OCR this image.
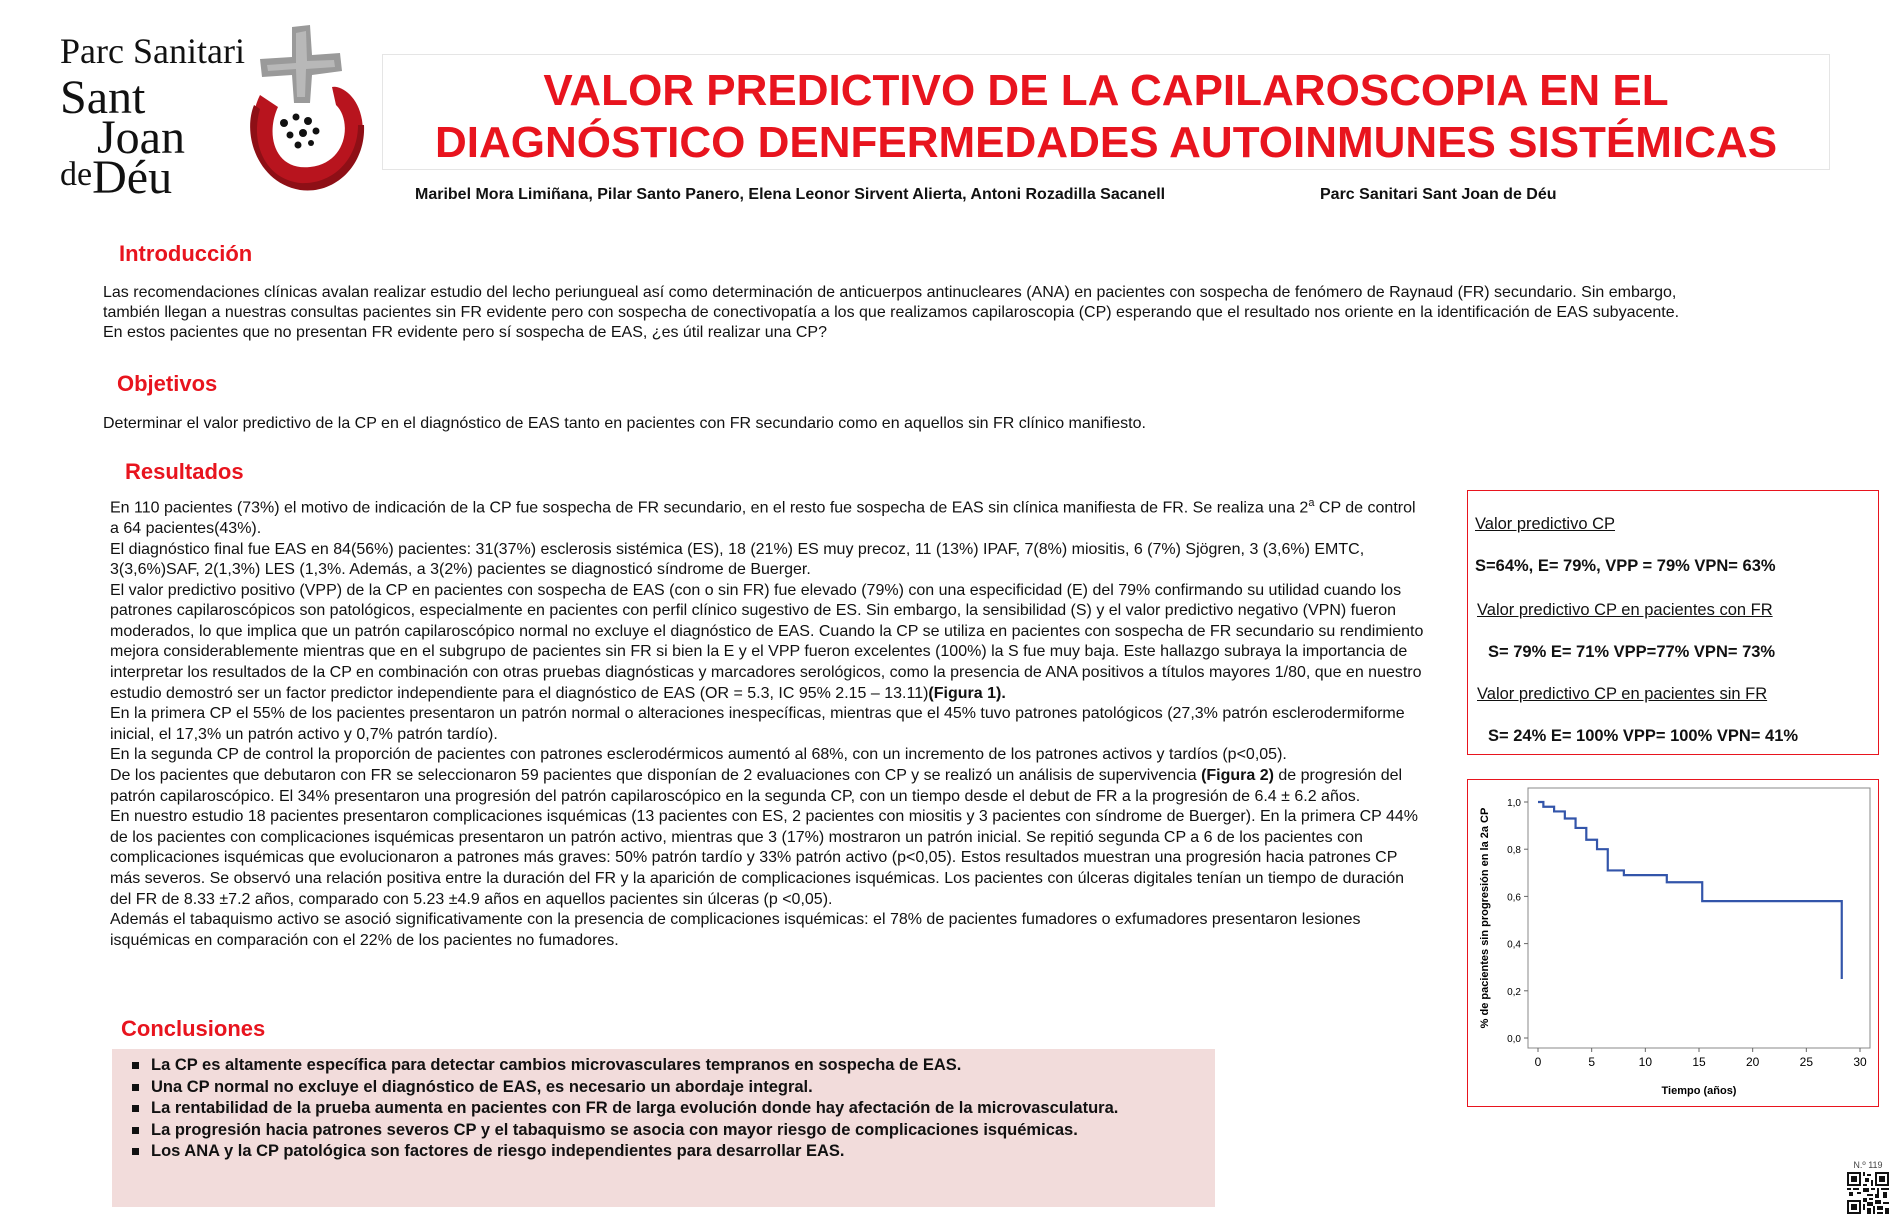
Parc Sanitari
Sant
Joan
$^{de}$Déu
VALOR PREDICTIVO DE LA CAPILAROSCOPIA EN EL
DIAGNÓSTICO DENFERMEDADES AUTOINMUNES SISTÉMICAS
Maribel Mora Limiñana, Pilar Santo Panero, Elena Leonor Sirvent Alierta, Antoni Rozadilla Sacanell	Parc Sanitari Sant Joan de Déu
Introducción

Las recomendaciones clínicas avalan realizar estudio del lecho periungueal así como determinación de anticuerpos antinucleares (ANA) en pacientes con sospecha de fenómero de Raynaud (FR) secundario. Sin embargo,

también llegan a nuestras consultas pacientes sin FR evidente pero con sospecha de conectivopatía a los que realizamos capilaroscopia (CP) esperando que el resultado nos oriente en la identificación de EAS subyacente.

En estos pacientes que no presentan FR evidente pero sí sospecha de EAS, ¿es útil realizar una CP?

Objetivos
Determinar el valor predictivo de la CP en el diagnóstico de EAS tanto en pacientes con FR secundario como en aquellos sin FR clínico manifiesto.
Resultados

En 110 pacientes (73%) el motivo de indicación de la CP fue sospecha de FR secundario, en el resto fue sospecha de EAS sin clínica manifiesta de FR. Se realiza una 2$^a$ CP de control a 64 pacientes(43%).

El diagnóstico final fue EAS en 84(56%) pacientes: 31(37%) esclerosis sistémica (ES), 18 (21%) ES muy precoz, 11 (13%) IPAF, 7(8%) miositis, 6 (7%) Sjögren, 3 (3,6%) EMTC, 3(3,6%)SAF, 2(1,3%) LES (1,3%. Además, a 3(2%) pacientes se diagnosticó síndrome de Buerger.

El valor predictivo positivo (VPP) de la CP en pacientes con sospecha de EAS (con o sin FR) fue elevado (79%) con una especificidad (E) del 79% confirmando su utilidad cuando los patrones capilaroscópicos son patológicos, especialmente en pacientes con perfil clínico sugestivo de ES. Sin embargo, la sensibilidad (S) y el valor predictivo negativo (VPN) fueron moderados, lo que implica que un patrón capilaroscópico normal no excluye el diagnóstico de EAS. Cuando la CP se utiliza en pacientes con sospecha de FR secundario su rendimiento mejora considerablemente mientras que en el subgrupo de pacientes sin FR si bien la E y el VPP fueron excelentes (100%) la S fue muy baja. Este hallazgo subraya la importancia de interpretar los resultados de la CP en combinación con otras pruebas diagnósticas y marcadores serológicos, como la presencia de ANA positivos a títulos mayores 1/80, que en nuestro estudio demostró ser un factor predictor independiente para el diagnóstico de EAS (OR = 5.3, IC 95% 2.15 – 13.11)(Figura 1).

En la primera CP el 55% de los pacientes presentaron un patrón normal o alteraciones inespecíficas, mientras que el 45% tuvo patrones patológicos (27,3% patrón esclerodermiforme inicial, el 17,3% un patrón activo y 0,7% patrón tardío).

En la segunda CP de control la proporción de pacientes con patrones esclerodérmicos aumentó al 68%, con un incremento de los patrones activos y tardíos (p<0,05).

De los pacientes que debutaron con FR se seleccionaron 59 pacientes que disponían de 2 evaluaciones con CP y se realizó un análisis de supervivencia (Figura 2) de progresión del patrón capilaroscópico. El 34% presentaron una progresión del patrón capilaroscópico en la segunda CP, con un tiempo desde el debut de FR a la progresión de 6.4 ± 6.2 años.

En nuestro estudio 18 pacientes presentaron complicaciones isquémicas (13 pacientes con ES, 2 pacientes con miositis y 3 pacientes con síndrome de Buerger). En la primera CP 44% de los pacientes con complicaciones isquémicas presentaron un patrón activo, mientras que 3 (17%) mostraron un patrón inicial. Se repitió segunda CP a 6 de los pacientes con complicaciones isquémicas que evolucionaron a patrones más graves: 50% patrón tardío y 33% patrón activo (p<0,05). Estos resultados muestran una progresión hacia patrones CP más severos. Se observó una relación positiva entre la duración del FR y la aparición de complicaciones isquémicas. Los pacientes con úlceras digitales tenían un tiempo de duración del FR de 8.33 ±7.2 años, comparado con 5.23 ±4.9 años en aquellos pacientes sin úlceras (p <0,05).

Además el tabaquismo activo se asoció significativamente con la presencia de complicaciones isquémicas: el 78% de pacientes fumadores o exfumadores presentaron lesiones isquémicas en comparación con el 22% de los pacientes no fumadores.

Conclusiones
La CP es altamente específica para detectar cambios microvasculares tempranos en sospecha de EAS.
Una CP normal no excluye el diagnóstico de EAS, es necesario un abordaje integral.
La rentabilidad de la prueba aumenta en pacientes con FR de larga evolución donde hay afectación de la microvasculatura.
La progresión hacia patrones severos CP y el tabaquismo se asocia con mayor riesgo de complicaciones isquémicas.
Los ANA y la CP patológica son factores de riesgo independientes para desarrollar EAS.
Valor predictivo CP
S=64%, E= 79%, VPP = 79% VPN= 63%
Valor predictivo CP en pacientes con FR
S= 79% E= 71% VPP=77% VPN= 73%
Valor predictivo CP en pacientes sin FR
S= 24% E= 100% VPP= 100% VPN= 41%
0,0
0,2
0,4
0,6
0,8
1,0
0	5	10	15	20	25	30
Tiempo (años)
% de pacientes sin progresión en la 2a CP
N.º 119
